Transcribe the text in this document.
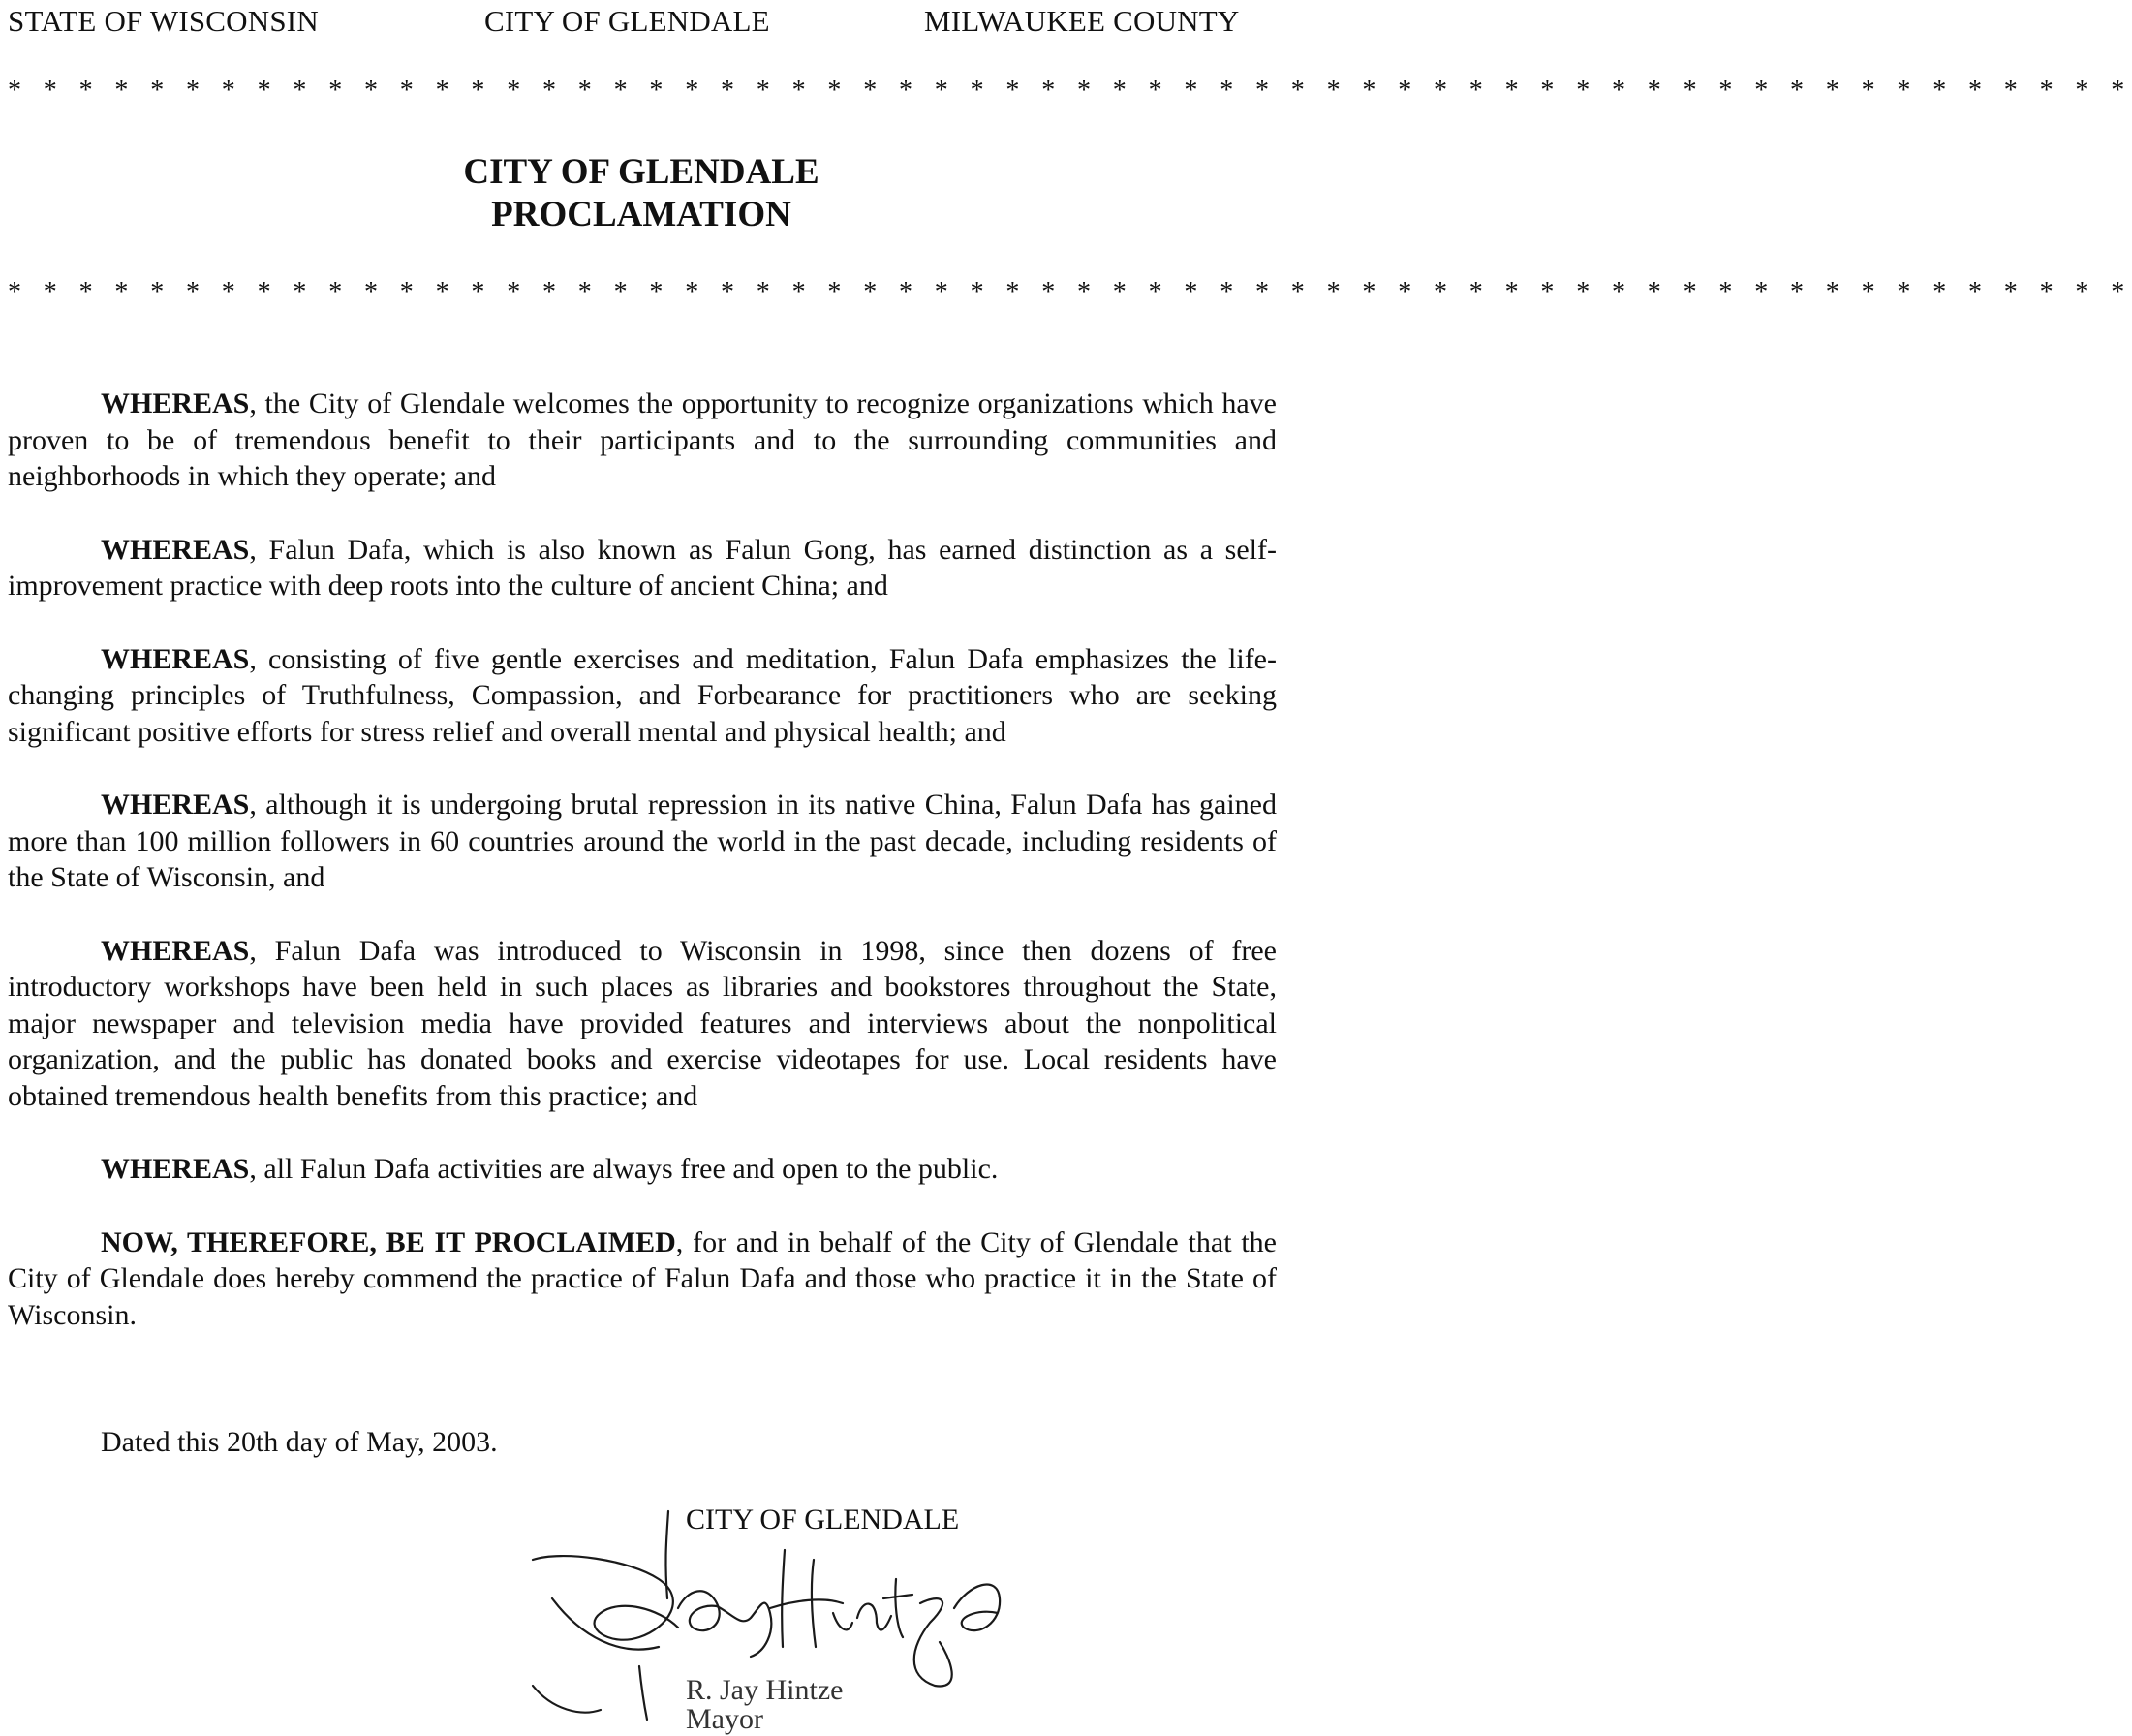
STATE OF WISCONSIN	CITY OF GLENDALE	MILWAUKEE COUNTY
* * * * * * * * * * * * * * * * * * * * * * * * * * * * * * * * * * * * * * * * * * * * * * * * * * * * * * * * * * * *
CITY OF GLENDALE
PROCLAMATION
* * * * * * * * * * * * * * * * * * * * * * * * * * * * * * * * * * * * * * * * * * * * * * * * * * * * * * * * * * * *

WHEREAS, the City of Glendale welcomes the opportunity to recognize organizations which have proven to be of tremendous benefit to their participants and to the surrounding communities and neighborhoods in which they operate; and

WHEREAS, Falun Dafa, which is also known as Falun Gong, has earned distinction as a self-improvement practice with deep roots into the culture of ancient China; and

WHEREAS, consisting of five gentle exercises and meditation, Falun Dafa emphasizes the life-changing principles of Truthfulness, Compassion, and Forbearance for practitioners who are seeking significant positive efforts for stress relief and overall mental and physical health; and

WHEREAS, although it is undergoing brutal repression in its native China, Falun Dafa has gained more than 100 million followers in 60 countries around the world in the past decade, including residents of the State of Wisconsin, and

WHEREAS, Falun Dafa was introduced to Wisconsin in 1998, since then dozens of free introductory workshops have been held in such places as libraries and bookstores throughout the State, major newspaper and television media have provided features and interviews about the nonpolitical organization, and the public has donated books and exercise videotapes for use. Local residents have obtained tremendous health benefits from this practice; and

WHEREAS, all Falun Dafa activities are always free and open to the public.

NOW, THEREFORE, BE IT PROCLAIMED, for and in behalf of the City of Glendale that the City of Glendale does hereby commend the practice of Falun Dafa and those who practice it in the State of Wisconsin.

Dated this 20th day of May, 2003.
CITY OF GLENDALE
R. Jay Hintze
Mayor
